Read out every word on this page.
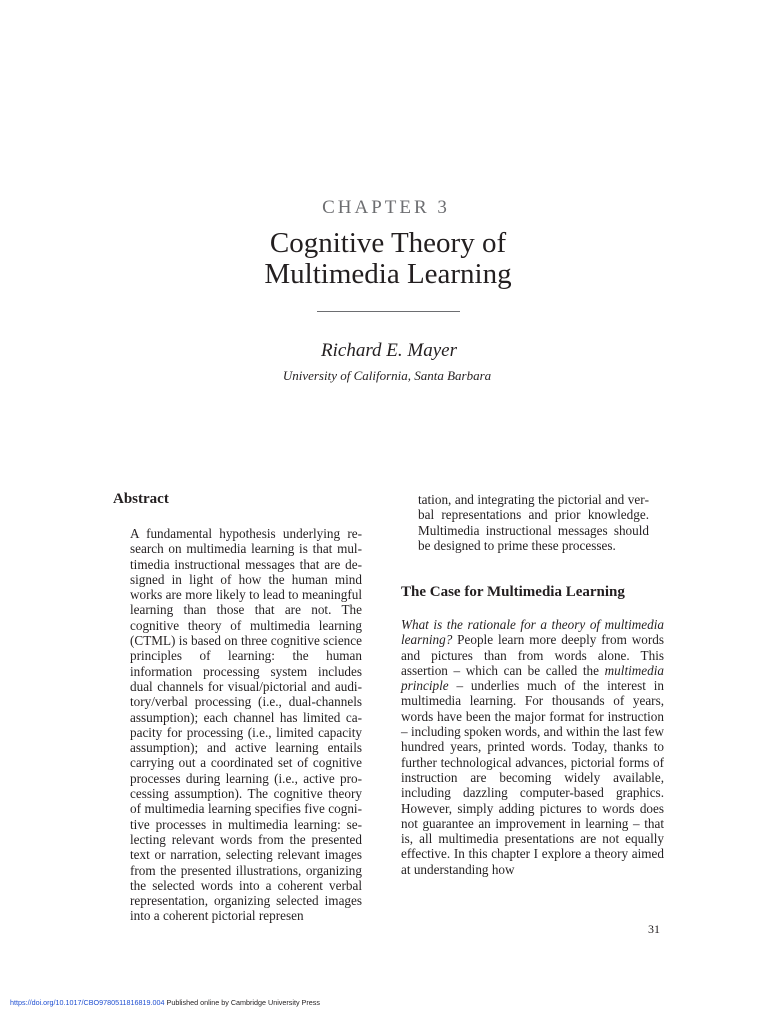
CHAPTER 3
Cognitive Theory of
Multimedia Learning
Richard E. Mayer
University of California, Santa Barbara
Abstract

A fundamental hypothesis underlying research on multimedia learning is that multimedia instructional messages that are designed in light of how the human mind works are more likely to lead to meaningful learning than those that are not. The cognitive theory of multimedia learning (CTML) is based on three cognitive science principles of learning: the human information processing system includes dual channels for visual/pictorial and auditory/verbal processing (i.e., dual-channels assumption); each channel has limited capacity for processing (i.e., limited capacity assumption); and active learning entails carrying out a coordinated set of cognitive processes during learning (i.e., active processing assumption). The cognitive theory of multimedia learning specifies five cognitive processes in multimedia learning: selecting relevant words from the presented text or narration, selecting relevant images from the presented illustrations, organizing the selected words into a coherent verbal representation, organizing selected images into a coherent pictorial represen

tation, and integrating the pictorial and verbal representations and prior knowledge. Multimedia instructional messages should be designed to prime these processes.

The Case for Multimedia Learning

What is the rationale for a theory of multimedia learning? People learn more deeply from words and pictures than from words alone. This assertion – which can be called the multimedia principle – underlies much of the interest in multimedia learning. For thousands of years, words have been the major format for instruction – including spoken words, and within the last few hundred years, printed words. Today, thanks to further technological advances, pictorial forms of instruction are becoming widely available, including dazzling computer-based graphics. However, simply adding pictures to words does not guarantee an improvement in learning – that is, all multimedia presentations are not equally effective. In this chapter I explore a theory aimed at understanding how

31
https://doi.org/10.1017/CBO9780511816819.004 Published online by Cambridge University Press
